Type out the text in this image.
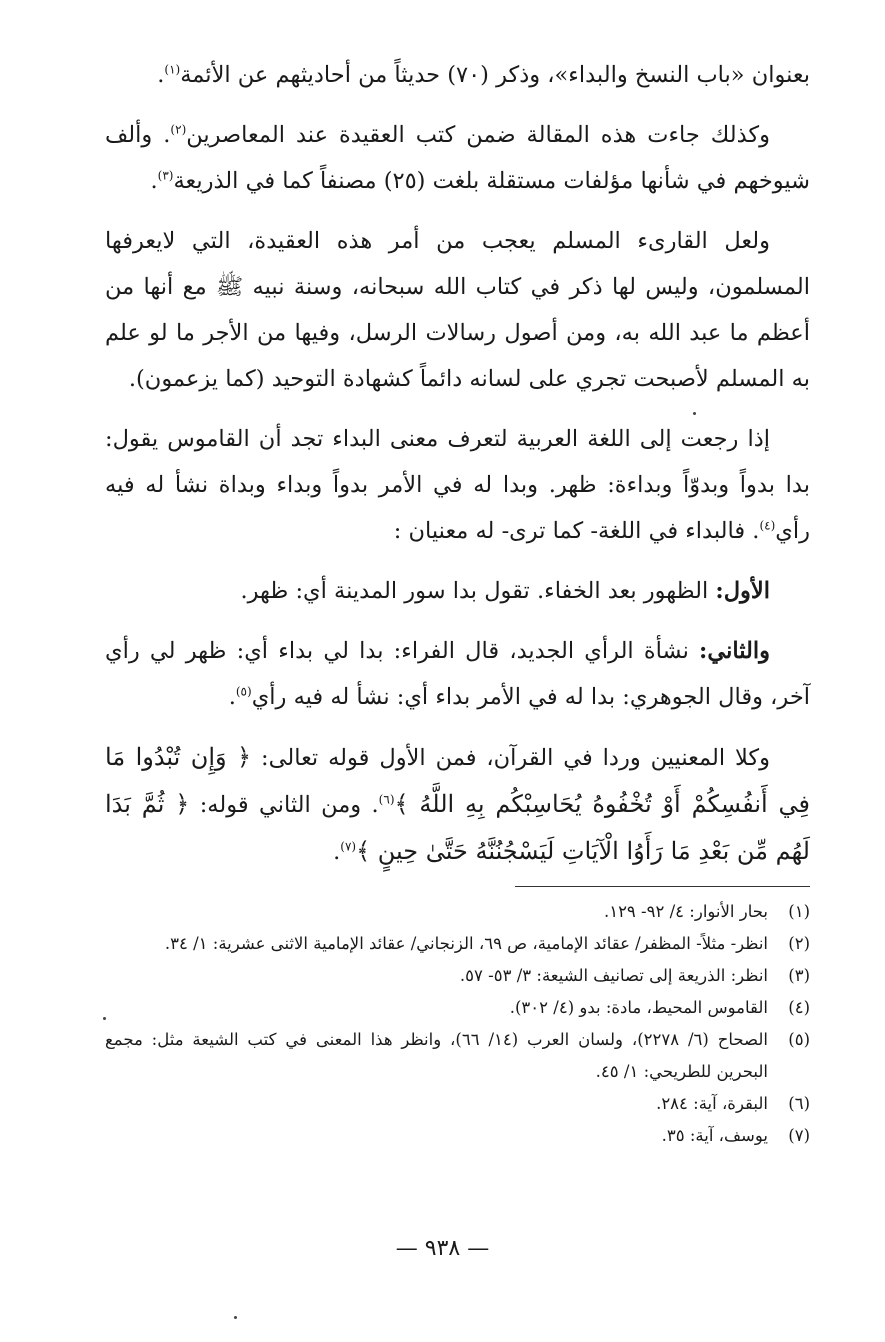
بعنوان «باب النسخ والبداء»، وذكر (٧٠) حديثاً من أحاديثهم عن الأئمة$^{(١)}$.

وكذلك جاءت هذه المقالة ضمن كتب العقيدة عند المعاصرين$^{(٢)}$. وألف شيوخهم في شأنها مؤلفات مستقلة بلغت (٢٥) مصنفاً كما في الذريعة$^{(٣)}$.

ولعل القارىء المسلم يعجب من أمر هذه العقيدة، التي لايعرفها المسلمون، وليس لها ذكر في كتاب الله سبحانه، وسنة نبيه ﷺ مع أنها من أعظم ما عبد الله به، ومن أصول رسالات الرسل، وفيها من الأجر ما لو علم به المسلم لأصبحت تجري على لسانه دائماً كشهادة التوحيد (كما يزعمون).

إذا رجعت إلى اللغة العربية لتعرف معنى البداء تجد أن القاموس يقول: بدا بدواً وبدوّاً وبداءة: ظهر. وبدا له في الأمر بدواً وبداء وبداة نشأ له فيه رأي$^{(٤)}$. فالبداء في اللغة- كما ترى- له معنيان :

الأول: الظهور بعد الخفاء. تقول بدا سور المدينة أي: ظهر.

والثاني: نشأة الرأي الجديد، قال الفراء: بدا لي بداء أي: ظهر لي رأي آخر، وقال الجوهري: بدا له في الأمر بداء أي: نشأ له فيه رأي$^{(٥)}$.

وكلا المعنيين وردا في القرآن، فمن الأول قوله تعالى: ﴿ وَإِن تُبْدُوا مَا فِي أَنفُسِكُمْ أَوْ تُخْفُوهُ يُحَاسِبْكُم بِهِ اللَّهُ ﴾$^{(٦)}$. ومن الثاني قوله: ﴿ ثُمَّ بَدَا لَهُم مِّن بَعْدِ مَا رَأَوُا الْآيَاتِ لَيَسْجُنُنَّهُ حَتَّىٰ حِينٍ ﴾$^{(٧)}$.

(١)
بحار الأنوار: ٤/ ٩٢- ١٢٩.
(٢)
انظر- مثلاً- المظفر/ عقائد الإمامية، ص ٦٩، الزنجاني/ عقائد الإمامية الاثنى عشرية: ١/ ٣٤.
(٣)
انظر: الذريعة إلى تصانيف الشيعة: ٣/ ٥٣- ٥٧.
(٤)
القاموس المحيط، مادة: بدو (٤/ ٣٠٢).
(٥)
الصحاح (٦/ ٢٢٧٨)، ولسان العرب (١٤/ ٦٦)، وانظر هذا المعنى في كتب الشيعة مثل: مجمع البحرين للطريحي: ١/ ٤٥.
(٦)
البقرة، آية: ٢٨٤.
(٧)
يوسف، آية: ٣٥.
— ٩٣٨ —
